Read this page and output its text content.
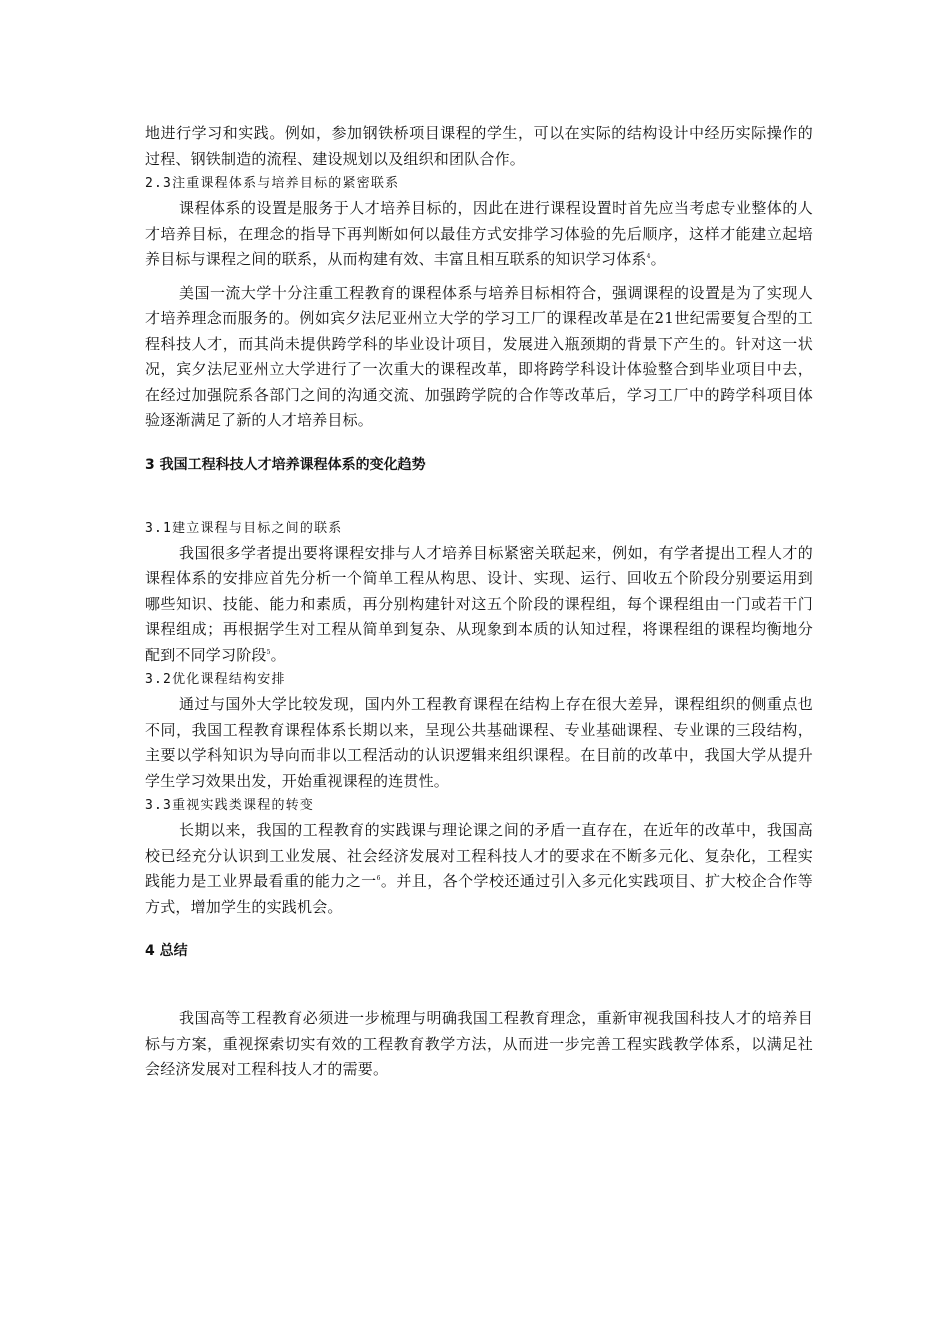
地进行学习和实践。例如，参加钢铁桥项目课程的学生，可以在实际的结构设计中经历实际操作的过程、钢铁制造的流程、建设规划以及组织和团队合作。

2.3注重课程体系与培养目标的紧密联系

课程体系的设置是服务于人才培养目标的，因此在进行课程设置时首先应当考虑专业整体的人才培养目标，在理念的指导下再判断如何以最佳方式安排学习体验的先后顺序，这样才能建立起培养目标与课程之间的联系，从而构建有效、丰富且相互联系的知识学习体系$^4$。

美国一流大学十分注重工程教育的课程体系与培养目标相符合，强调课程的设置是为了实现人才培养理念而服务的。例如宾夕法尼亚州立大学的学习工厂的课程改革是在21世纪需要复合型的工程科技人才，而其尚未提供跨学科的毕业设计项目，发展进入瓶颈期的背景下产生的。针对这一状况，宾夕法尼亚州立大学进行了一次重大的课程改革，即将跨学科设计体验整合到毕业项目中去，在经过加强院系各部门之间的沟通交流、加强跨学院的合作等改革后，学习工厂中的跨学科项目体验逐渐满足了新的人才培养目标。

3 我国工程科技人才培养课程体系的变化趋势

3.1建立课程与目标之间的联系

我国很多学者提出要将课程安排与人才培养目标紧密关联起来，例如，有学者提出工程人才的课程体系的安排应首先分析一个简单工程从构思、设计、实现、运行、回收五个阶段分别要运用到哪些知识、技能、能力和素质，再分别构建针对这五个阶段的课程组，每个课程组由一门或若干门课程组成；再根据学生对工程从简单到复杂、从现象到本质的认知过程，将课程组的课程均衡地分配到不同学习阶段$^5$。

3.2优化课程结构安排

通过与国外大学比较发现，国内外工程教育课程在结构上存在很大差异，课程组织的侧重点也不同，我国工程教育课程体系长期以来，呈现公共基础课程、专业基础课程、专业课的三段结构，主要以学科知识为导向而非以工程活动的认识逻辑来组织课程。在目前的改革中，我国大学从提升学生学习效果出发，开始重视课程的连贯性。

3.3重视实践类课程的转变

长期以来，我国的工程教育的实践课与理论课之间的矛盾一直存在，在近年的改革中，我国高校已经充分认识到工业发展、社会经济发展对工程科技人才的要求在不断多元化、复杂化，工程实践能力是工业界最看重的能力之一$^6$。并且，各个学校还通过引入多元化实践项目、扩大校企合作等方式，增加学生的实践机会。

4 总结

我国高等工程教育必须进一步梳理与明确我国工程教育理念，重新审视我国科技人才的培养目标与方案，重视探索切实有效的工程教育教学方法，从而进一步完善工程实践教学体系，以满足社会经济发展对工程科技人才的需要。
